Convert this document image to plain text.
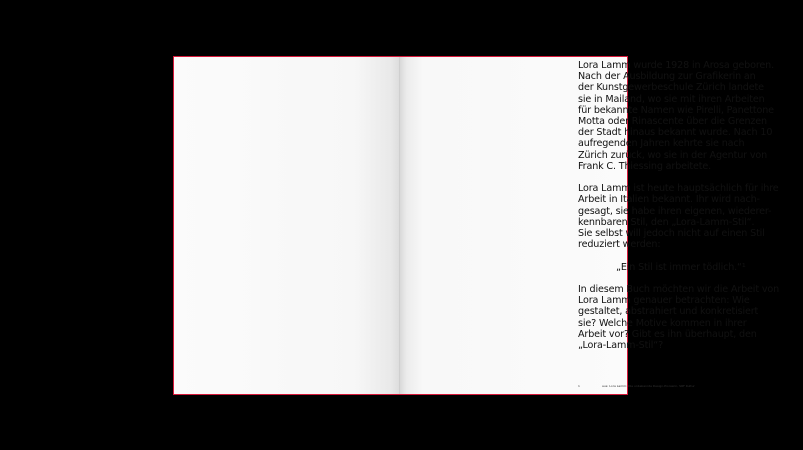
Lora Lamm wurde 1928 in Arosa geboren.
Nach der Ausbildung zur Grafikerin an
der Kunstgewerbeschule Zürich landete
sie in Mailand, wo sie mit ihren Arbeiten
für bekannte Namen wie Pirelli, Panettone
Motta oder Rinascente über die Grenzen
der Stadt hinaus bekannt wurde. Nach 10
aufregenden Jahren kehrte sie nach
Zürich zurück, wo sie in der Agentur von
Frank C. Thiessing arbeitete.

Lora Lamm ist heute hauptsächlich für ihre
Arbeit in Italien bekannt. Ihr wird nach-
gesagt, sie habe ihren eigenen, wiederer-
kennbaren Stil, den „Lora-Lamm-Stil“.
Sie selbst will jedoch nicht auf einen Stil
reduziert werden:

„Ein Stil ist immer tödlich.“¹

In diesem Buch möchten wir die Arbeit von
Lora Lamm genauer betrachten: Wie
gestaltet, abstrahiert und konkretisiert
sie? Welche Motive kommen in ihrer
Arbeit vor? Gibt es ihn überhaupt, den
„Lora-Lamm-Stil“?

1	aus: Lora Lamm: Die unbekannte Design-Pionierin, SRF Kultur
